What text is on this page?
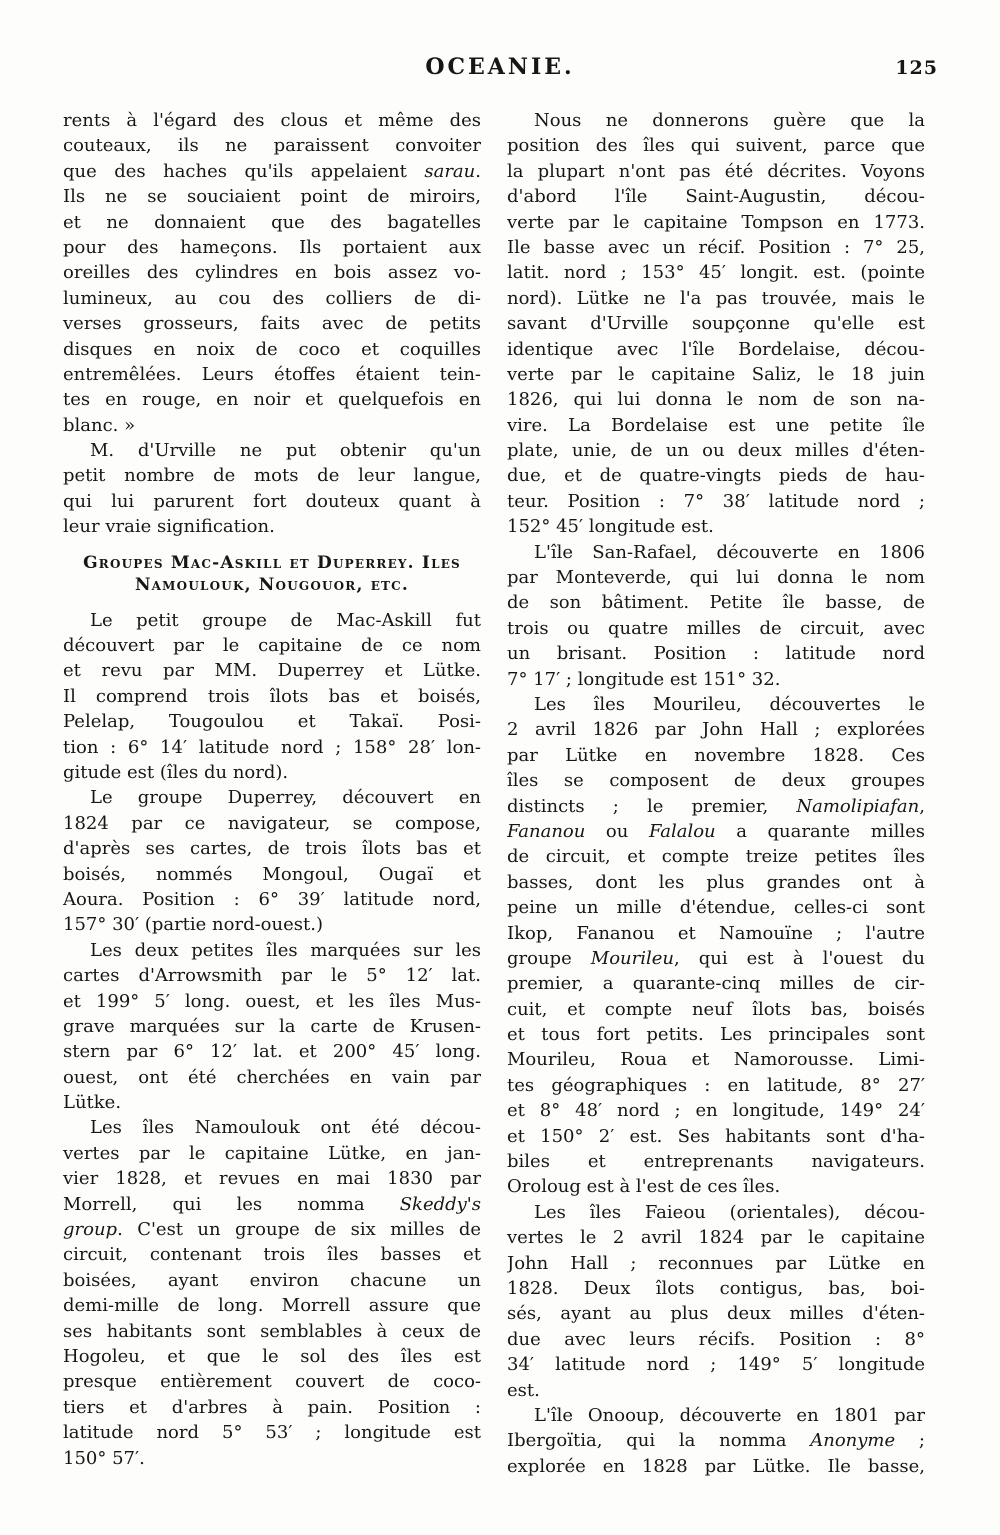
OCEANIE.	125
rents à l'égard des clous et même des
couteaux, ils ne paraissent convoiter
que des haches qu'ils appelaient sarau.
Ils ne se souciaient point de miroirs,
et ne donnaient que des bagatelles
pour des hameçons. Ils portaient aux
oreilles des cylindres en bois assez vo-
lumineux, au cou des colliers de di-
verses grosseurs, faits avec de petits
disques en noix de coco et coquilles
entremêlées. Leurs étoffes étaient tein-
tes en rouge, en noir et quelquefois en
blanc. »
M. d'Urville ne put obtenir qu'un
petit nombre de mots de leur langue,
qui lui parurent fort douteux quant à
leur vraie signification.
Groupes Mac-Askill et Duperrey. Iles
Namoulouk, Nougouor, etc.
Le petit groupe de Mac-Askill fut
découvert par le capitaine de ce nom
et revu par MM. Duperrey et Lütke.
Il comprend trois îlots bas et boisés,
Pelelap, Tougoulou et Takaï. Posi-
tion : 6° 14′ latitude nord ; 158° 28′ lon-
gitude est (îles du nord).
Le groupe Duperrey, découvert en
1824 par ce navigateur, se compose,
d'après ses cartes, de trois îlots bas et
boisés, nommés Mongoul, Ougaï et
Aoura. Position : 6° 39′ latitude nord,
157° 30′ (partie nord-ouest.)
Les deux petites îles marquées sur les
cartes d'Arrowsmith par le 5° 12′ lat.
et 199° 5′ long. ouest, et les îles Mus-
grave marquées sur la carte de Krusen-
stern par 6° 12′ lat. et 200° 45′ long.
ouest, ont été cherchées en vain par
Lütke.
Les îles Namoulouk ont été décou-
vertes par le capitaine Lütke, en jan-
vier 1828, et revues en mai 1830 par
Morrell, qui les nomma Skeddy's
group. C'est un groupe de six milles de
circuit, contenant trois îles basses et
boisées, ayant environ chacune un
demi-mille de long. Morrell assure que
ses habitants sont semblables à ceux de
Hogoleu, et que le sol des îles est
presque entièrement couvert de coco-
tiers et d'arbres à pain. Position :
latitude nord 5° 53′ ; longitude est
150° 57′.
Nous ne donnerons guère que la
position des îles qui suivent, parce que
la plupart n'ont pas été décrites. Voyons
d'abord l'île Saint-Augustin, décou-
verte par le capitaine Tompson en 1773.
Ile basse avec un récif. Position : 7° 25,
latit. nord ; 153° 45′ longit. est. (pointe
nord). Lütke ne l'a pas trouvée, mais le
savant d'Urville soupçonne qu'elle est
identique avec l'île Bordelaise, décou-
verte par le capitaine Saliz, le 18 juin
1826, qui lui donna le nom de son na-
vire. La Bordelaise est une petite île
plate, unie, de un ou deux milles d'éten-
due, et de quatre-vingts pieds de hau-
teur. Position : 7° 38′ latitude nord ;
152° 45′ longitude est.
L'île San-Rafael, découverte en 1806
par Monteverde, qui lui donna le nom
de son bâtiment. Petite île basse, de
trois ou quatre milles de circuit, avec
un brisant. Position : latitude nord
7° 17′ ; longitude est 151° 32.
Les îles Mourileu, découvertes le
2 avril 1826 par John Hall ; explorées
par Lütke en novembre 1828. Ces
îles se composent de deux groupes
distincts ; le premier, Namolipiafan,
Fananou ou Falalou a quarante milles
de circuit, et compte treize petites îles
basses, dont les plus grandes ont à
peine un mille d'étendue, celles-ci sont
Ikop, Fananou et Namouïne ; l'autre
groupe Mourileu, qui est à l'ouest du
premier, a quarante-cinq milles de cir-
cuit, et compte neuf îlots bas, boisés
et tous fort petits. Les principales sont
Mourileu, Roua et Namorousse. Limi-
tes géographiques : en latitude, 8° 27′
et 8° 48′ nord ; en longitude, 149° 24′
et 150° 2′ est. Ses habitants sont d'ha-
biles et entreprenants navigateurs.
Oroloug est à l'est de ces îles.
Les îles Faieou (orientales), décou-
vertes le 2 avril 1824 par le capitaine
John Hall ; reconnues par Lütke en
1828. Deux îlots contigus, bas, boi-
sés, ayant au plus deux milles d'éten-
due avec leurs récifs. Position : 8°
34′ latitude nord ; 149° 5′ longitude
est.
L'île Onooup, découverte en 1801 par
Ibergoïtia, qui la nomma Anonyme ;
explorée en 1828 par Lütke. Ile basse,
